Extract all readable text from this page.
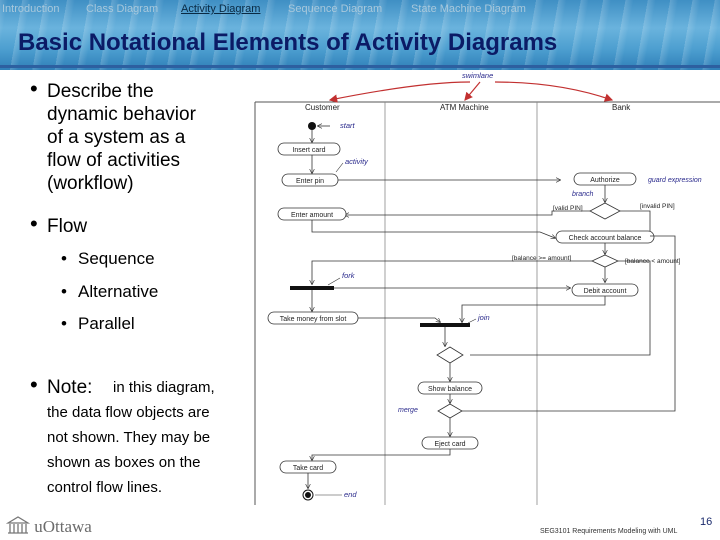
Introduction Class Diagram Activity Diagram	Sequence Diagram	State Machine Diagram
Basic Notational Elements of Activity Diagrams
• Describe the
dynamic behavior
of a system as a
flow of activities
(workflow)
• Flow
• Sequence
• Alternative
• Parallel
• Note: in this diagram,
the data flow objects are
not shown. They may be
shown as boxes on the
control flow lines.
swimlane
Customer	ATM Machine	Bank
start
Insert card
activity
Enter pin	Authorize	guard expression
branch
[valid PIN]	[invalid PIN]
Enter amount
Check account balance
[balance >= amount]	[balance < amount]
fork
Debit account
Take money from slot	join
Show balance
merge
Eject card
Take card
end
uOttawa	16
SEG3101 Requirements Modeling with UML
